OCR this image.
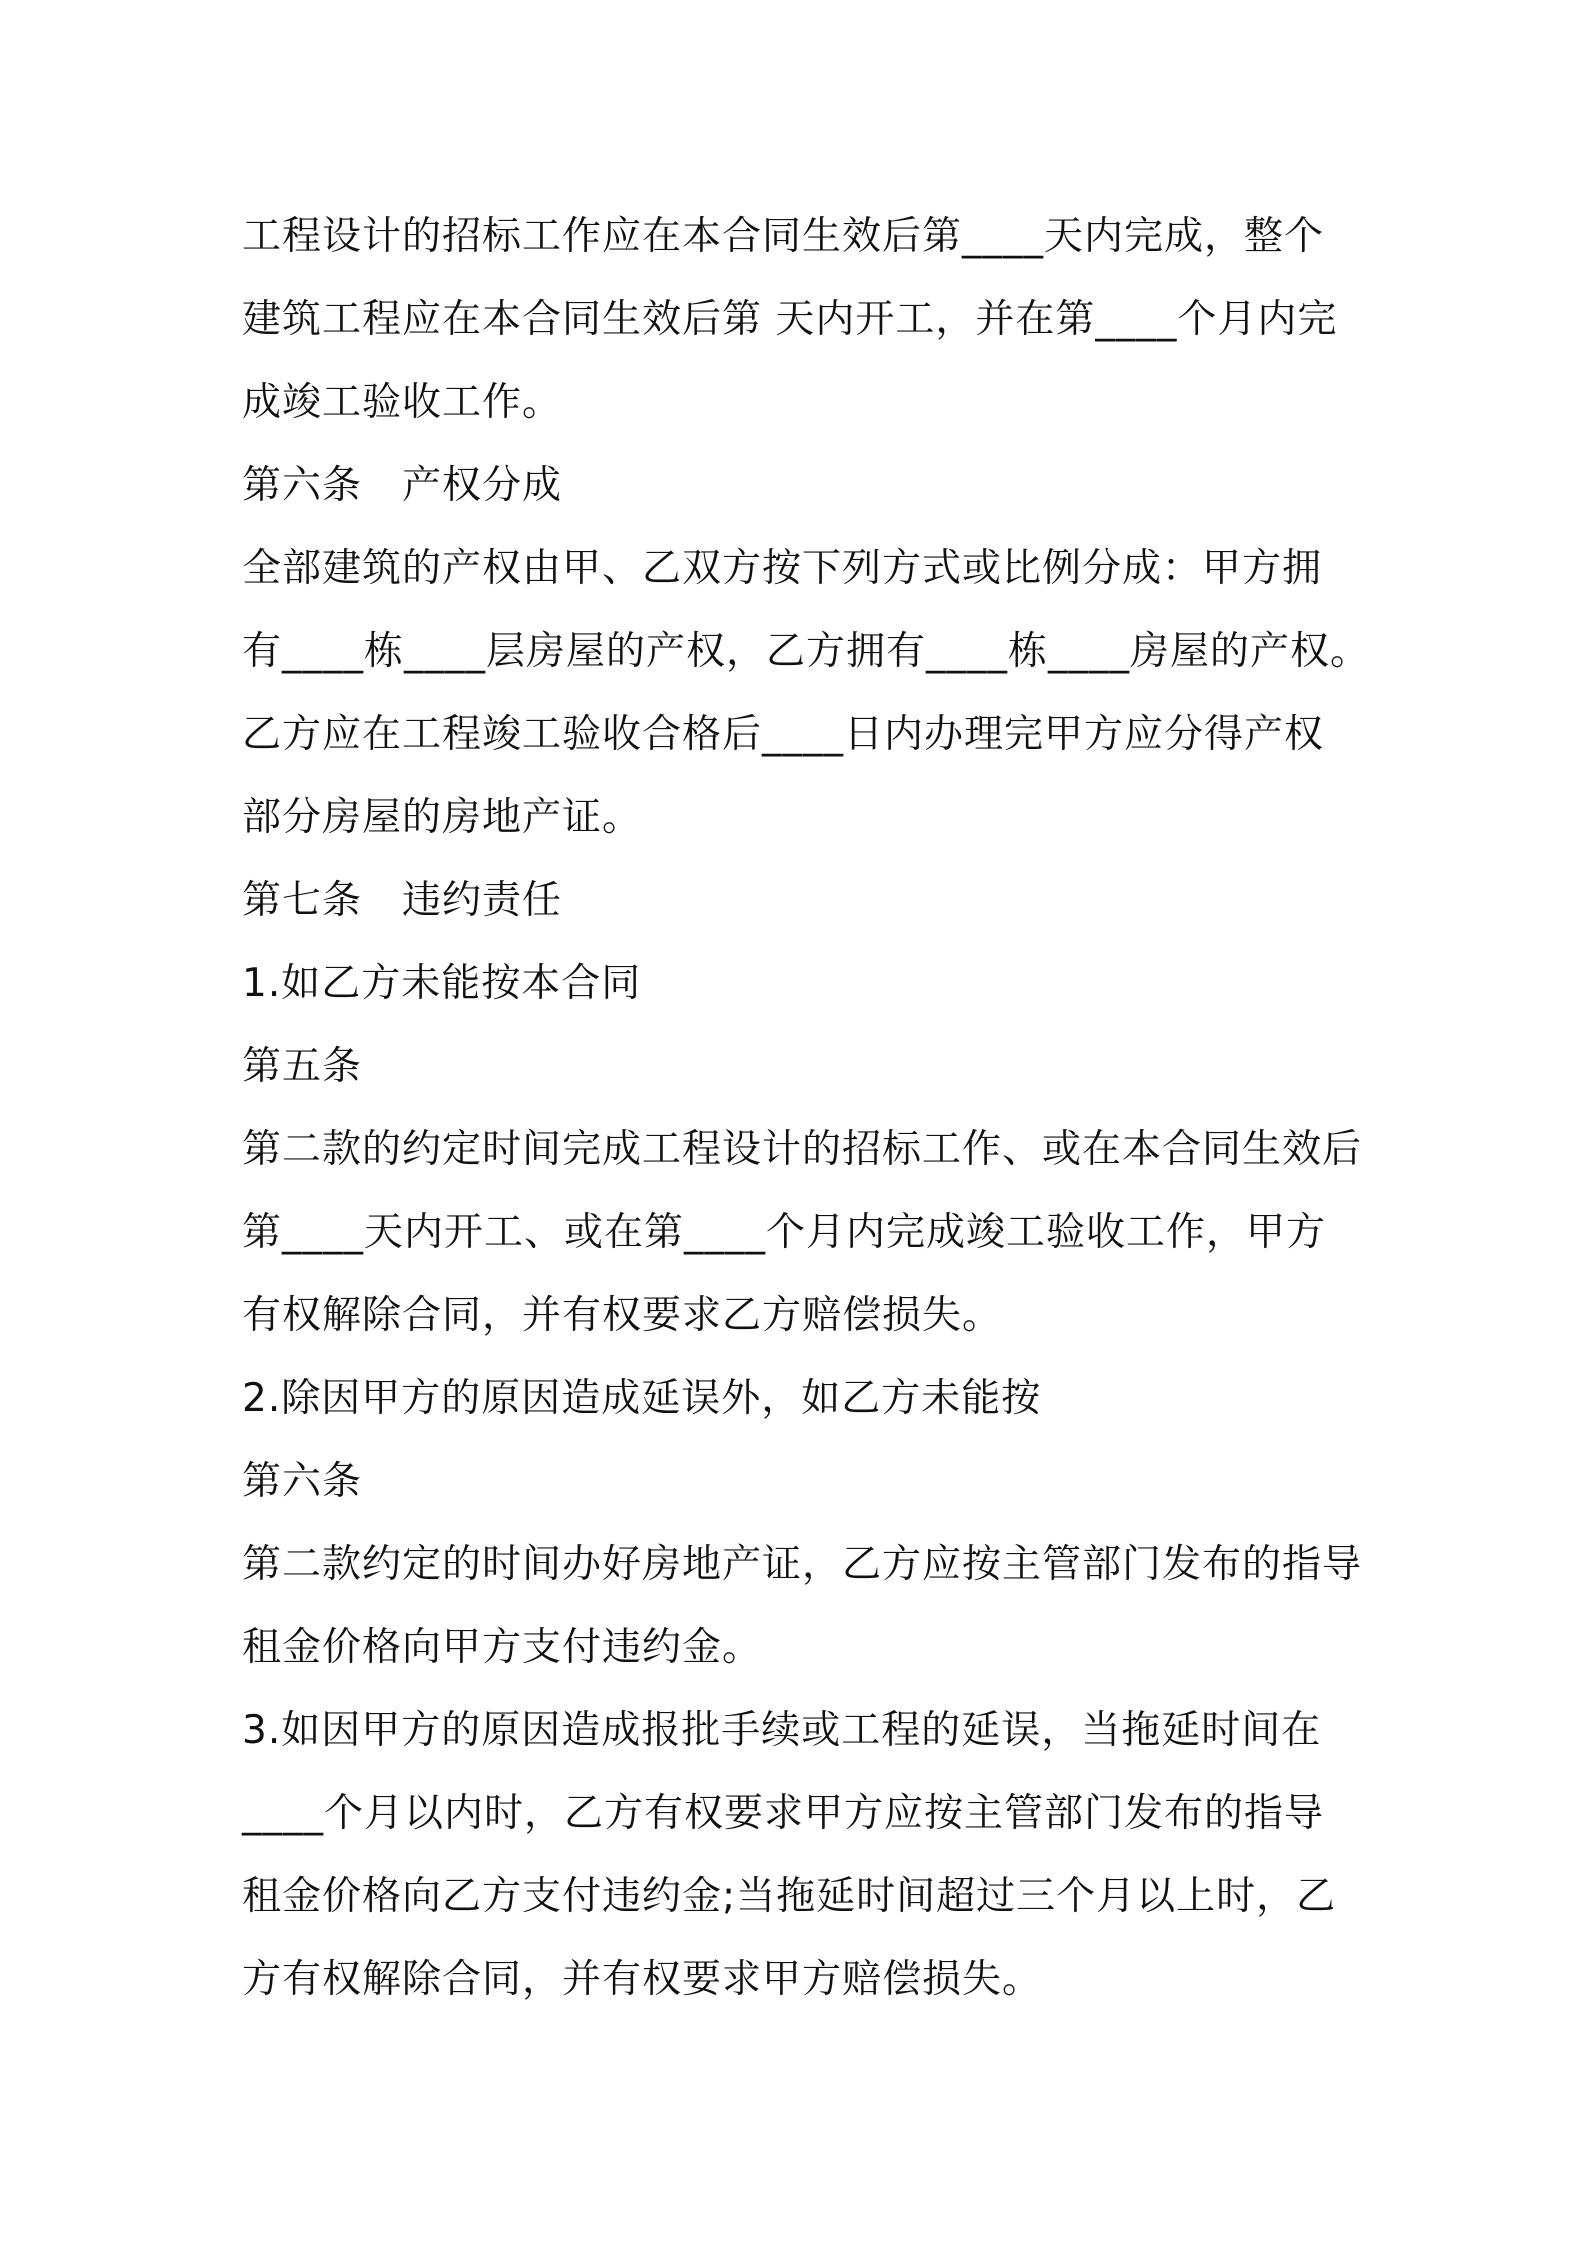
工程设计的招标工作应在本合同生效后第____天内完成，整个
建筑工程应在本合同生效后第 天内开工，并在第____个月内完
成竣工验收工作。
第六条　产权分成
全部建筑的产权由甲、乙双方按下列方式或比例分成：甲方拥
有____栋____层房屋的产权，乙方拥有____栋____房屋的产权。
乙方应在工程竣工验收合格后____日内办理完甲方应分得产权
部分房屋的房地产证。
第七条　违约责任
1.如乙方未能按本合同
第五条
第二款的约定时间完成工程设计的招标工作、或在本合同生效后
第____天内开工、或在第____个月内完成竣工验收工作，甲方
有权解除合同，并有权要求乙方赔偿损失。
2.除因甲方的原因造成延误外，如乙方未能按
第六条
第二款约定的时间办好房地产证，乙方应按主管部门发布的指导
租金价格向甲方支付违约金。
3.如因甲方的原因造成报批手续或工程的延误，当拖延时间在
____个月以内时，乙方有权要求甲方应按主管部门发布的指导
租金价格向乙方支付违约金;当拖延时间超过三个月以上时，乙
方有权解除合同，并有权要求甲方赔偿损失。
